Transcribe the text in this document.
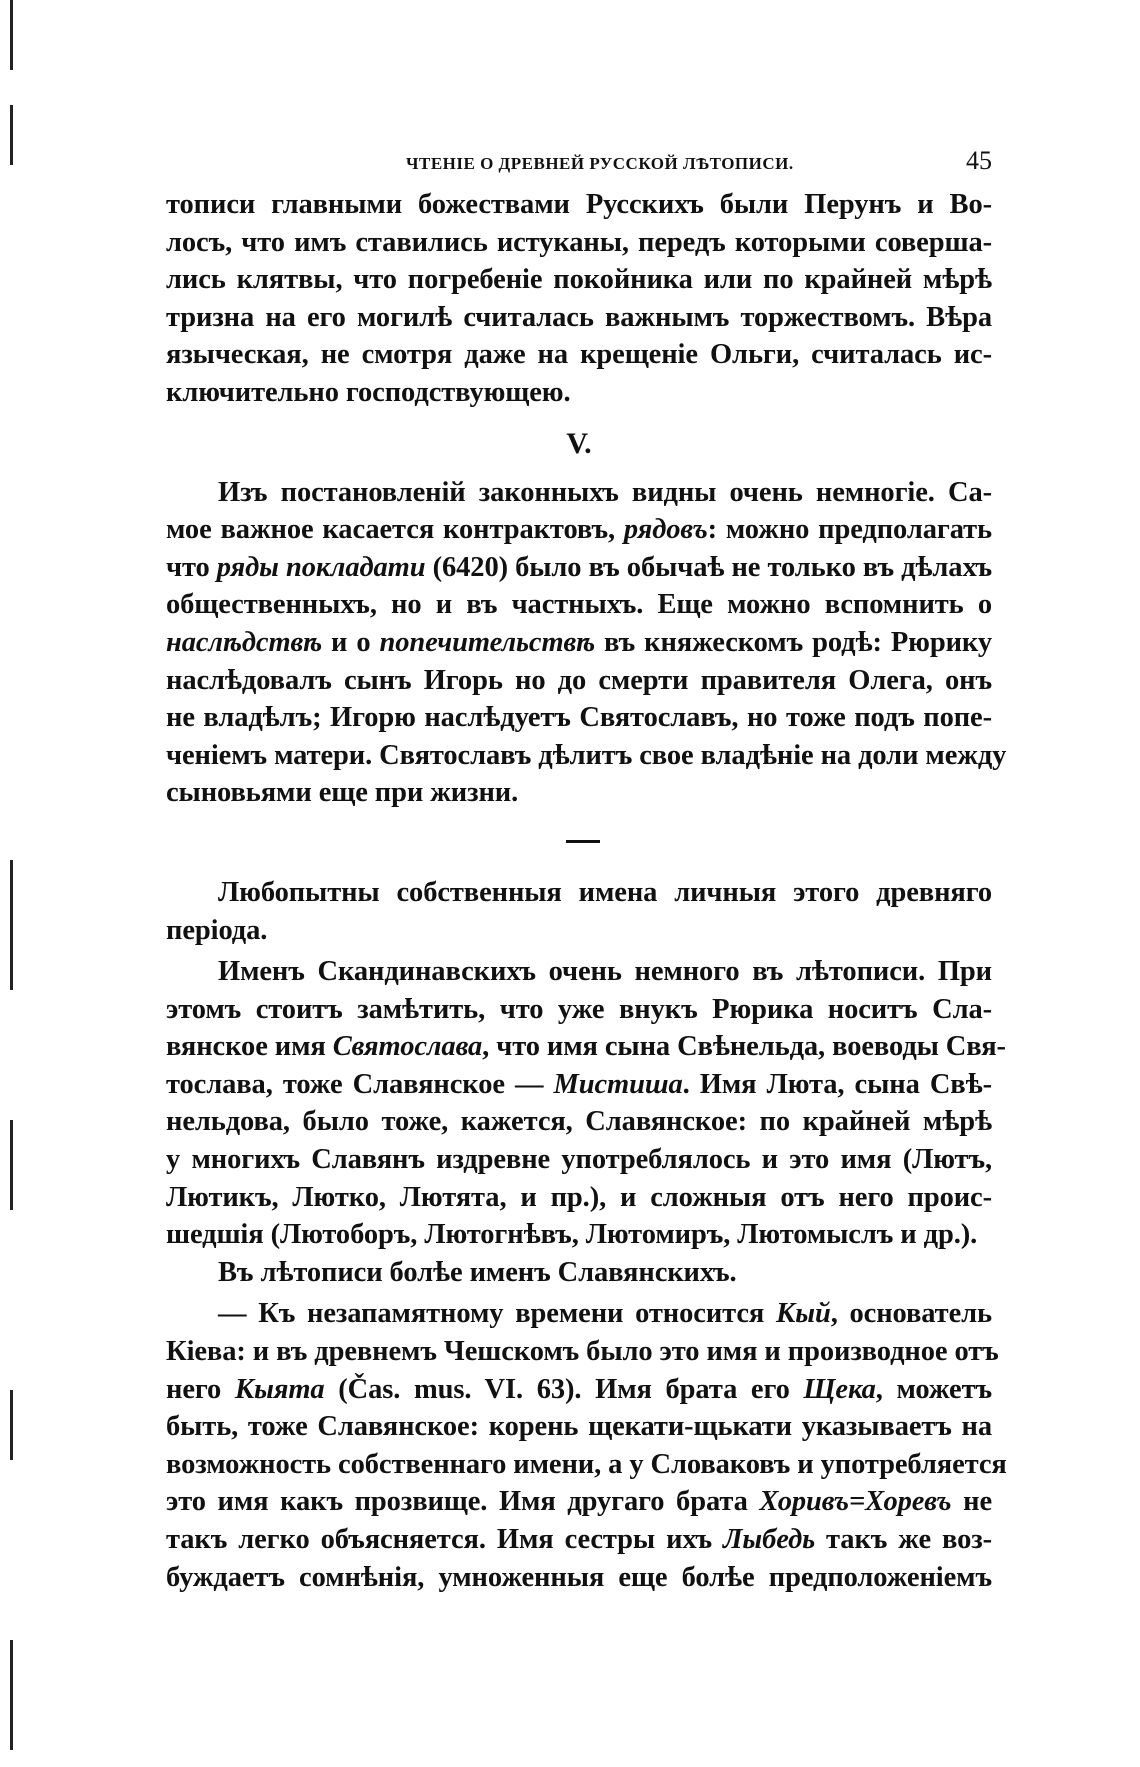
ЧТЕНІЕ О ДРЕВНЕЙ РУССКОЙ ЛѢТОПИСИ.	45
тописи главными божествами Русскихъ были Перунъ и Во-
лосъ, что имъ ставились истуканы, передъ которыми соверша-
лись клятвы, что погребеніе покойника или по крайней мѣрѣ
тризна на его могилѣ считалась важнымъ торжествомъ. Вѣра
языческая, не смотря даже на крещеніе Ольги, считалась ис-
ключительно господствующею.
V.
Изъ постановленій законныхъ видны очень немногіе. Са-
мое важное касается контрактовъ, рядовъ: можно предполагать
что ряды покладати (6420) было въ обычаѣ не только въ дѣлахъ
общественныхъ, но и въ частныхъ. Еще можно вспомнить о
наслѣдствѣ и о попечительствѣ въ княжескомъ родѣ: Рюрику
наслѣдовалъ сынъ Игорь но до смерти правителя Олега, онъ
не владѣлъ; Игорю наслѣдуетъ Святославъ, но тоже подъ попе-
ченіемъ матери. Святославъ дѣлитъ свое владѣніе на доли между
сыновьями еще при жизни.
Любопытны собственныя имена личныя этого древняго
періода.
Именъ Скандинавскихъ очень немного въ лѣтописи. При
этомъ стоитъ замѣтить, что уже внукъ Рюрика носитъ Сла-
вянское имя Святослава, что имя сына Свѣнельда, воеводы Свя-
тослава, тоже Славянское — Мистиша. Имя Люта, сына Свѣ-
нельдова, было тоже, кажется, Славянское: по крайней мѣрѣ
у многихъ Славянъ издревне употреблялось и это имя (Лютъ,
Лютикъ, Лютко, Лютята, и пр.), и сложныя отъ него проис-
шедшія (Лютоборъ, Лютогнѣвъ, Лютомиръ, Лютомыслъ и др.).
Въ лѣтописи болѣе именъ Славянскихъ.
— Къ незапамятному времени относится Кый, основатель
Кіева: и въ древнемъ Чешскомъ было это имя и производное отъ
него Кыята (Čas. mus. VI. 63). Имя брата его Щека, можетъ
быть, тоже Славянское: корень щекати-щькати указываетъ на
возможность собственнаго имени, а у Словаковъ и употребляется
это имя какъ прозвище. Имя другаго брата Хоривъ=Хоревъ не
такъ легко объясняется. Имя сестры ихъ Лыбедь такъ же воз-
буждаетъ сомнѣнія, умноженныя еще болѣе предположеніемъ
